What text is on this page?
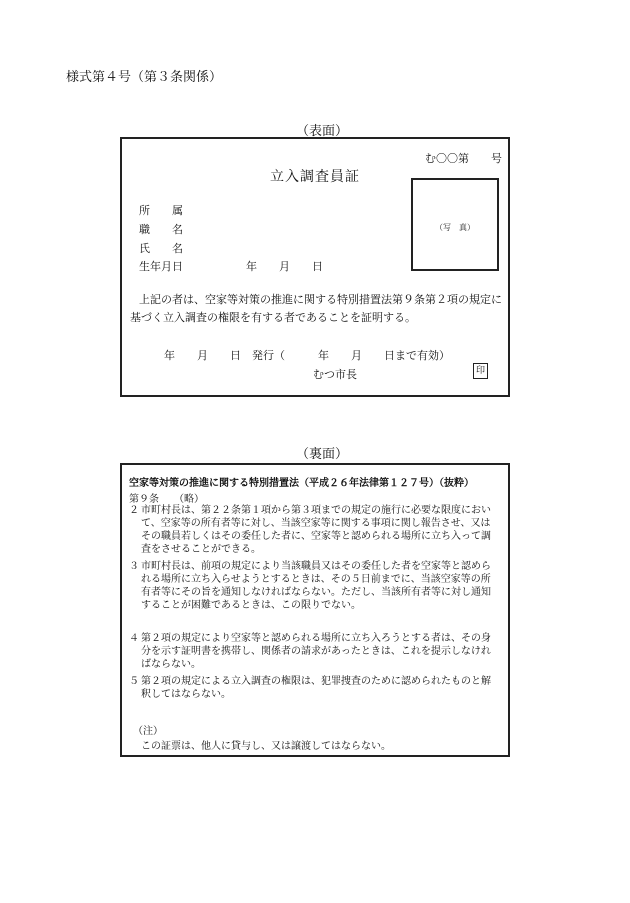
様式第４号（第３条関係）
（表面）
む〇〇第　　号
立入調査員証
（写　真）
所　　属
職　　名
氏　　名
生年月日	年　　月　　日
上記の者は、空家等対策の推進に関する特別措置法第９条第２項の規定に基づく立入調査の権限を有する者であることを証明する。
年　　月　　日　発行（　　　年　　月　　日まで有効）
むつ市長	印
（裏面）
空家等対策の推進に関する特別措置法（平成２６年法律第１２７号）（抜粋）
第９条　　（略）
２ 市町村長は、第２２条第１項から第３項までの規定の施行に必要な限度において、空家等の所有者等に対し、当該空家等に関する事項に関し報告させ、又はその職員若しくはその委任した者に、空家等と認められる場所に立ち入って調査をさせることができる。
３ 市町村長は、前項の規定により当該職員又はその委任した者を空家等と認められる場所に立ち入らせようとするときは、その５日前までに、当該空家等の所有者等にその旨を通知しなければならない。ただし、当該所有者等に対し通知することが困難であるときは、この限りでない。
４ 第２項の規定により空家等と認められる場所に立ち入ろうとする者は、その身分を示す証明書を携帯し、関係者の請求があったときは、これを提示しなければならない。
５ 第２項の規定による立入調査の権限は、犯罪捜査のために認められたものと解釈してはならない。
（注）
この証票は、他人に貸与し、又は譲渡してはならない。
